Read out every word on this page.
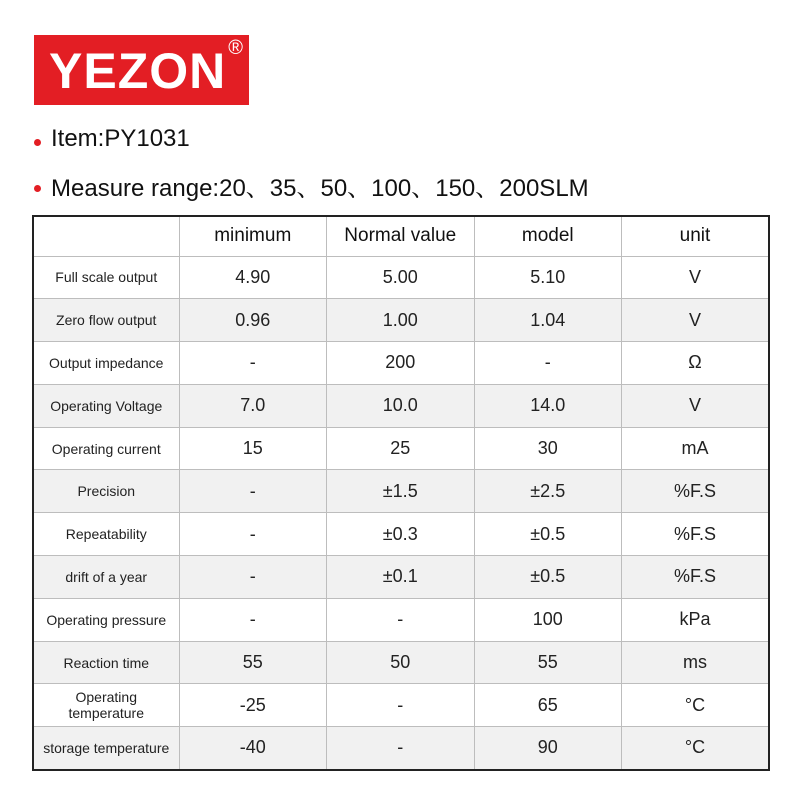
YEZON ®
Item:PY1031
Measure range:20、35、50、100、150、200SLM
	minimum	Normal value	model	unit
Full scale output	4.90	5.00	5.10	V
Zero flow output	0.96	1.00	1.04	V
Output impedance	-	200	-	Ω
Operating Voltage	7.0	10.0	14.0	V
Operating current	15	25	30	mA
Precision	-	±1.5	±2.5	%F.S
Repeatability	-	±0.3	±0.5	%F.S
drift of a year	-	±0.1	±0.5	%F.S
Operating pressure	-	-	100	kPa
Reaction time	55	50	55	ms
Operating temperature	-25	-	65	°C
storage temperature	-40	-	90	°C
